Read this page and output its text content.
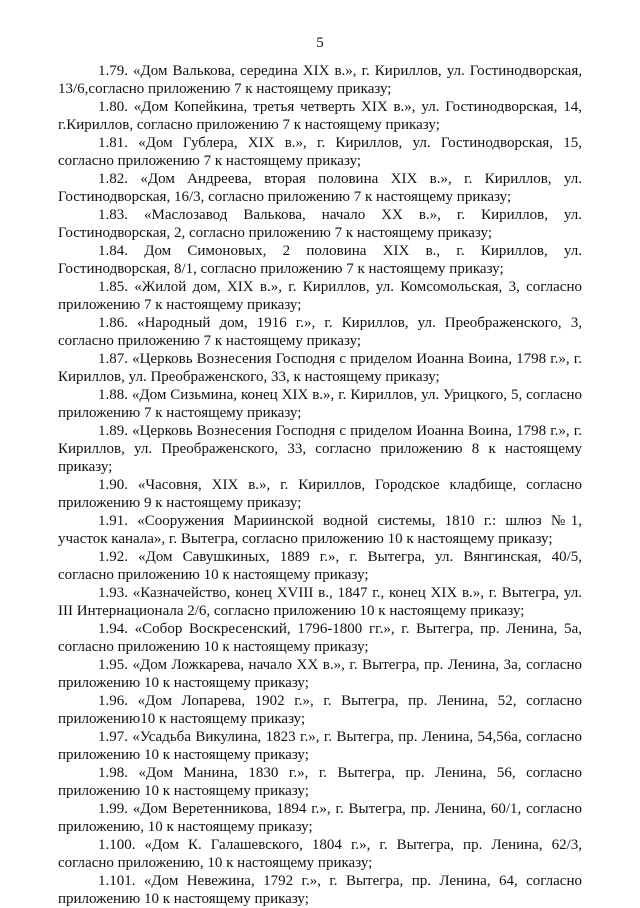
5

1.79. «Дом Валькова, середина XIX в.», г. Кириллов, ул. Гостинодворская, 13/6,согласно приложению 7 к настоящему приказу;

1.80. «Дом Копейкина, третья четверть XIX в.», ул. Гостинодворская, 14, г.Кириллов, согласно приложению 7 к настоящему приказу;

1.81. «Дом Гублера, XIX в.», г. Кириллов, ул. Гостинодворская, 15, согласно приложению 7 к настоящему приказу;

1.82. «Дом Андреева, вторая половина XIX в.», г. Кириллов, ул. Гостинодворская, 16/3, согласно приложению 7 к настоящему приказу;

1.83. «Маслозавод Валькова, начало XX в.», г. Кириллов, ул. Гостинодворская, 2, согласно приложению 7 к настоящему приказу;

1.84. Дом Симоновых, 2 половина XIX в., г. Кириллов, ул. Гостинодворская, 8/1, согласно приложению 7 к настоящему приказу;

1.85. «Жилой дом, XIX в.», г. Кириллов, ул. Комсомольская, 3, согласно приложению 7 к настоящему приказу;

1.86. «Народный дом, 1916 г.», г. Кириллов, ул. Преображенского, 3, согласно приложению 7 к настоящему приказу;

1.87. «Церковь Вознесения Господня с приделом Иоанна Воина, 1798 г.», г. Кириллов, ул. Преображенского, 33, к настоящему приказу;

1.88. «Дом Сизьмина, конец XIX в.», г. Кириллов, ул. Урицкого, 5, согласно приложению 7 к настоящему приказу;

1.89. «Церковь Вознесения Господня с приделом Иоанна Воина, 1798 г.», г. Кириллов, ул. Преображенского, 33, согласно приложению 8 к настоящему приказу;

1.90. «Часовня, XIX в.», г. Кириллов, Городское кладбище, согласно приложению 9 к настоящему приказу;

1.91. «Сооружения Мариинской водной системы, 1810 г.: шлюз №1, участок канала», г. Вытегра, согласно приложению 10 к настоящему приказу;

1.92. «Дом Савушкиных, 1889 г.», г. Вытегра, ул. Вянгинская, 40/5, согласно приложению 10 к настоящему приказу;

1.93. «Казначейство, конец XVIII в., 1847 г., конец XIX в.», г. Вытегра, ул. III Интернационала 2/6, согласно приложению 10 к настоящему приказу;

1.94. «Собор Воскресенский, 1796-1800 гг.», г. Вытегра, пр. Ленина, 5а, согласно приложению 10 к настоящему приказу;

1.95. «Дом Ложкарева, начало XX в.», г. Вытегра, пр. Ленина, 3а, согласно приложению 10 к настоящему приказу;

1.96. «Дом Лопарева, 1902 г.», г. Вытегра, пр. Ленина, 52, согласно приложению10 к настоящему приказу;

1.97. «Усадьба Викулина, 1823 г.», г. Вытегра, пр. Ленина, 54,56а, согласно приложению 10 к настоящему приказу;

1.98. «Дом Манина, 1830 г.», г. Вытегра, пр. Ленина, 56, согласно приложению 10 к настоящему приказу;

1.99. «Дом Веретенникова, 1894 г.», г. Вытегра, пр. Ленина, 60/1, согласно приложению, 10 к настоящему приказу;

1.100. «Дом К. Галашевского, 1804 г.», г. Вытегра, пр. Ленина, 62/3, согласно приложению, 10 к настоящему приказу;

1.101. «Дом Невежина, 1792 г.», г. Вытегра, пр. Ленина, 64, согласно приложению 10 к настоящему приказу;
